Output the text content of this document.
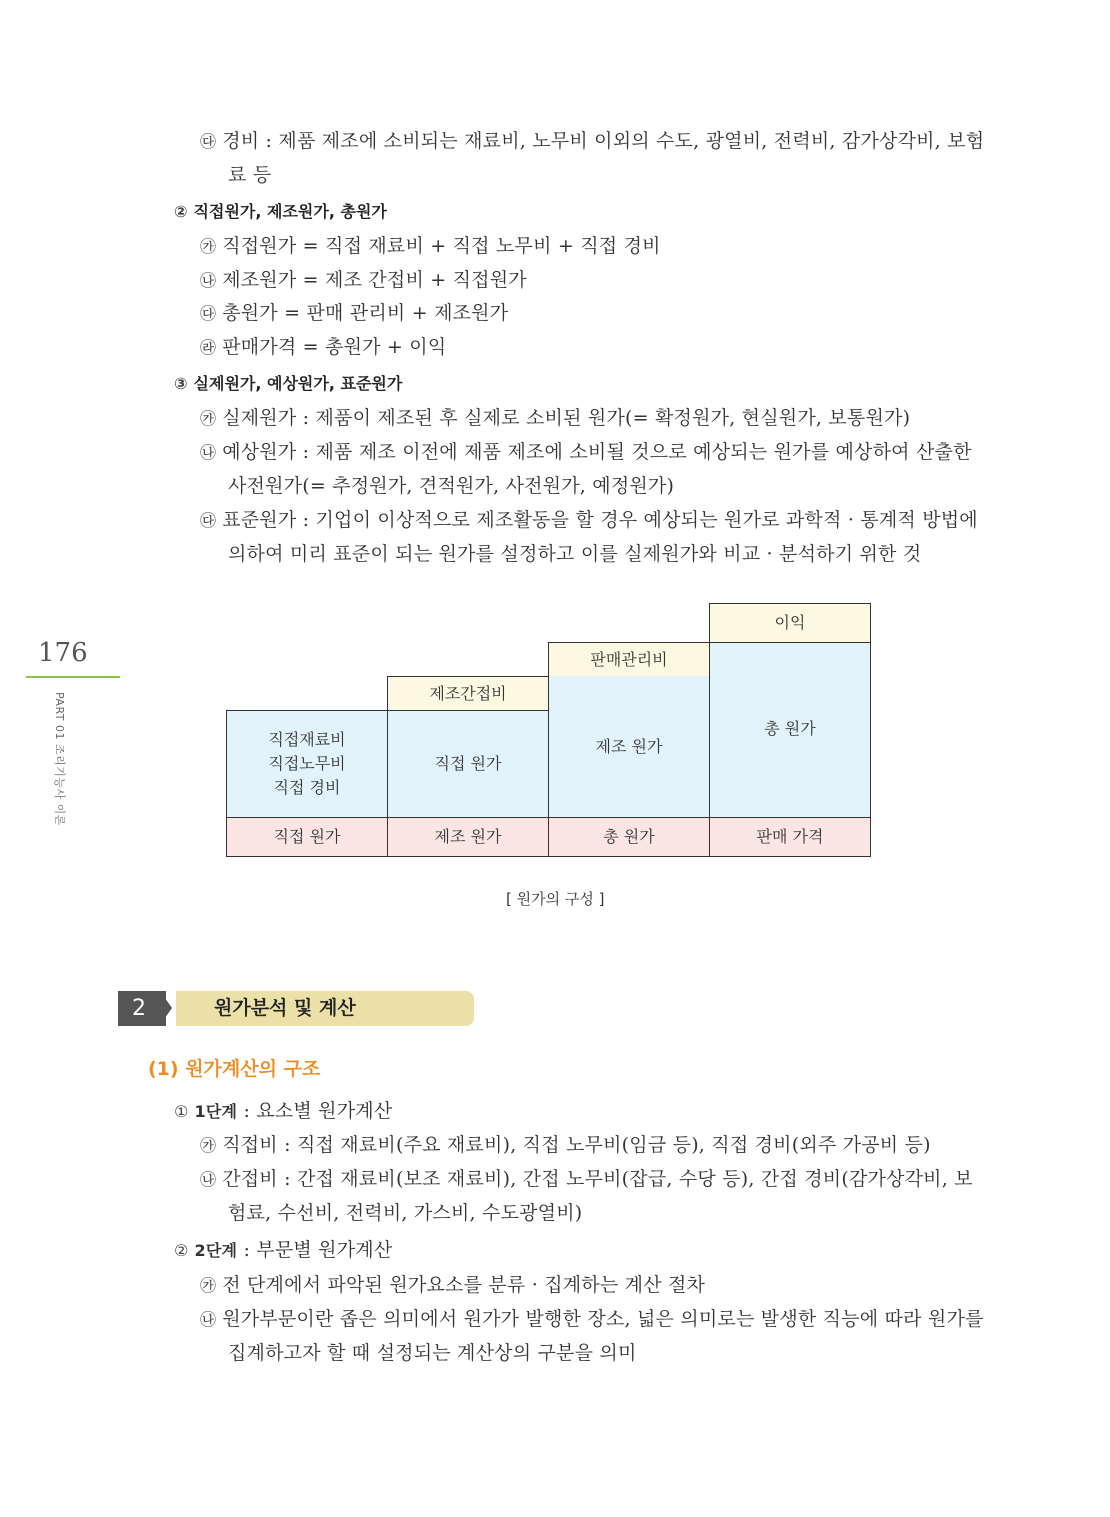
176
PART 01 조리기능사 이론
㉰ 경비 : 제품 제조에 소비되는 재료비, 노무비 이외의 수도, 광열비, 전력비, 감가상각비, 보험
료 등
② 직접원가, 제조원가, 총원가
㉮ 직접원가 = 직접 재료비 + 직접 노무비 + 직접 경비
㉯ 제조원가 = 제조 간접비 + 직접원가
㉰ 총원가 = 판매 관리비 + 제조원가
㉱ 판매가격 = 총원가 + 이익
③ 실제원가, 예상원가, 표준원가
㉮ 실제원가 : 제품이 제조된 후 실제로 소비된 원가(= 확정원가, 현실원가, 보통원가)
㉯ 예상원가 : 제품 제조 이전에 제품 제조에 소비될 것으로 예상되는 원가를 예상하여 산출한
사전원가(= 추정원가, 견적원가, 사전원가, 예정원가)
㉰ 표준원가 : 기업이 이상적으로 제조활동을 할 경우 예상되는 원가로 과학적 · 통계적 방법에
의하여 미리 표준이 되는 원가를 설정하고 이를 실제원가와 비교 · 분석하기 위한 것
직접재료비
직접노무비
직접 경비
직접 원가
제조간접비
직접 원가
제조 원가
판매관리비
제조 원가
총 원가
이익
총 원가
판매 가격
[ 원가의 구성 ]
2	원가분석 및 계산
(1) 원가계산의 구조
① 1단계 : 요소별 원가계산
㉮ 직접비 : 직접 재료비(주요 재료비), 직접 노무비(임금 등), 직접 경비(외주 가공비 등)
㉯ 간접비 : 간접 재료비(보조 재료비), 간접 노무비(잡급, 수당 등), 간접 경비(감가상각비, 보
험료, 수선비, 전력비, 가스비, 수도광열비)
② 2단계 : 부문별 원가계산
㉮ 전 단계에서 파악된 원가요소를 분류 · 집계하는 계산 절차
㉯ 원가부문이란 좁은 의미에서 원가가 발행한 장소, 넓은 의미로는 발생한 직능에 따라 원가를
집계하고자 할 때 설정되는 계산상의 구분을 의미
